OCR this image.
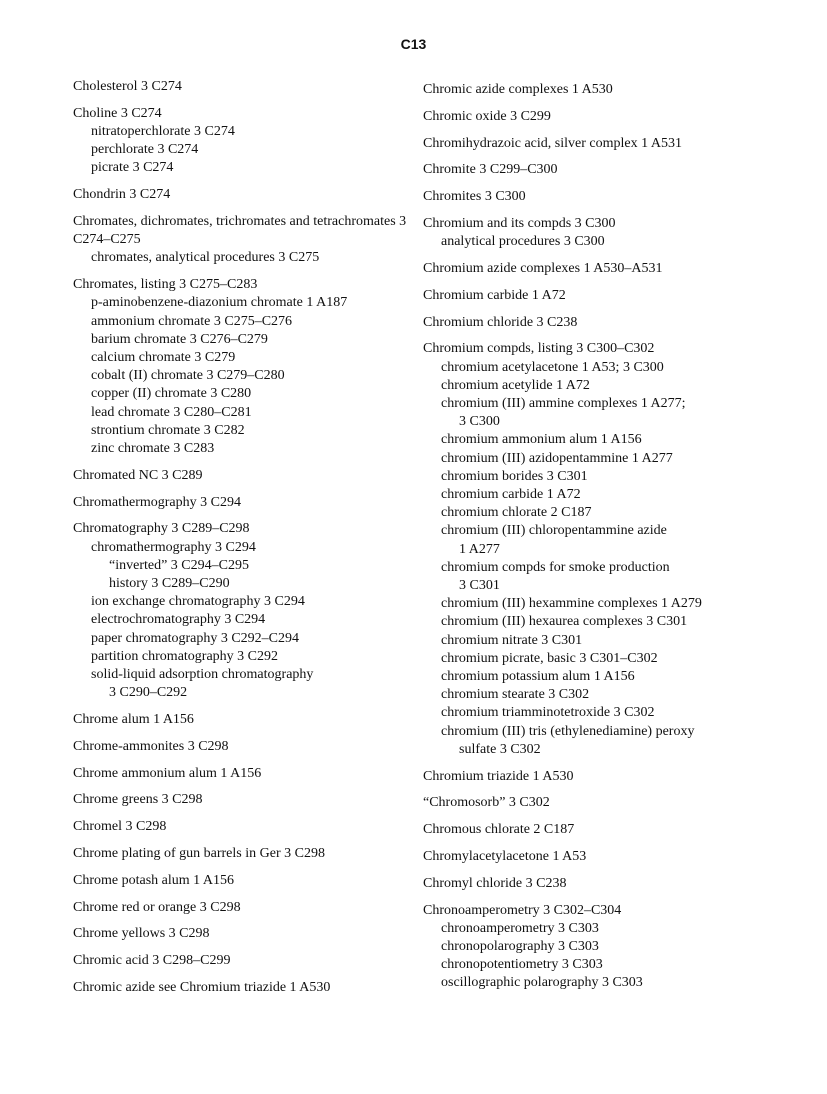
C13
Cholesterol 3 C274
Choline 3 C274
nitratoperchlorate 3 C274
perchlorate 3 C274
picrate 3 C274
Chondrin 3 C274
Chromates, dichromates, trichromates and tetrachromates 3 C274–C275
chromates, analytical procedures 3 C275
Chromates, listing 3 C275–C283
p-aminobenzene-diazonium chromate 1 A187
ammonium chromate 3 C275–C276
barium chromate 3 C276–C279
calcium chromate 3 C279
cobalt (II) chromate 3 C279–C280
copper (II) chromate 3 C280
lead chromate 3 C280–C281
strontium chromate 3 C282
zinc chromate 3 C283
Chromated NC 3 C289
Chromathermography 3 C294
Chromatography 3 C289–C298
chromathermography 3 C294
“inverted” 3 C294–C295
history 3 C289–C290
ion exchange chromatography 3 C294
electrochromatography 3 C294
paper chromatography 3 C292–C294
partition chromatography 3 C292
solid-liquid adsorption chromatography
3 C290–C292
Chrome alum 1 A156
Chrome-ammonites 3 C298
Chrome ammonium alum 1 A156
Chrome greens 3 C298
Chromel 3 C298
Chrome plating of gun barrels in Ger 3 C298
Chrome potash alum 1 A156
Chrome red or orange 3 C298
Chrome yellows 3 C298
Chromic acid 3 C298–C299
Chromic azide see Chromium triazide 1 A530
Chromic azide complexes 1 A530
Chromic oxide 3 C299
Chromihydrazoic acid, silver complex 1 A531
Chromite 3 C299–C300
Chromites 3 C300
Chromium and its compds 3 C300
analytical procedures 3 C300
Chromium azide complexes 1 A530–A531
Chromium carbide 1 A72
Chromium chloride 3 C238
Chromium compds, listing 3 C300–C302
chromium acetylacetone 1 A53; 3 C300
chromium acetylide 1 A72
chromium (III) ammine complexes 1 A277;
3 C300
chromium ammonium alum 1 A156
chromium (III) azidopentammine 1 A277
chromium borides 3 C301
chromium carbide 1 A72
chromium chlorate 2 C187
chromium (III) chloropentammine azide
1 A277
chromium compds for smoke production
3 C301
chromium (III) hexammine complexes 1 A279
chromium (III) hexaurea complexes 3 C301
chromium nitrate 3 C301
chromium picrate, basic 3 C301–C302
chromium potassium alum 1 A156
chromium stearate 3 C302
chromium triamminotetroxide 3 C302
chromium (III) tris (ethylenediamine) peroxy
sulfate 3 C302
Chromium triazide 1 A530
“Chromosorb” 3 C302
Chromous chlorate 2 C187
Chromylacetylacetone 1 A53
Chromyl chloride 3 C238
Chronoamperometry 3 C302–C304
chronoamperometry 3 C303
chronopolarography 3 C303
chronopotentiometry 3 C303
oscillographic polarography 3 C303
